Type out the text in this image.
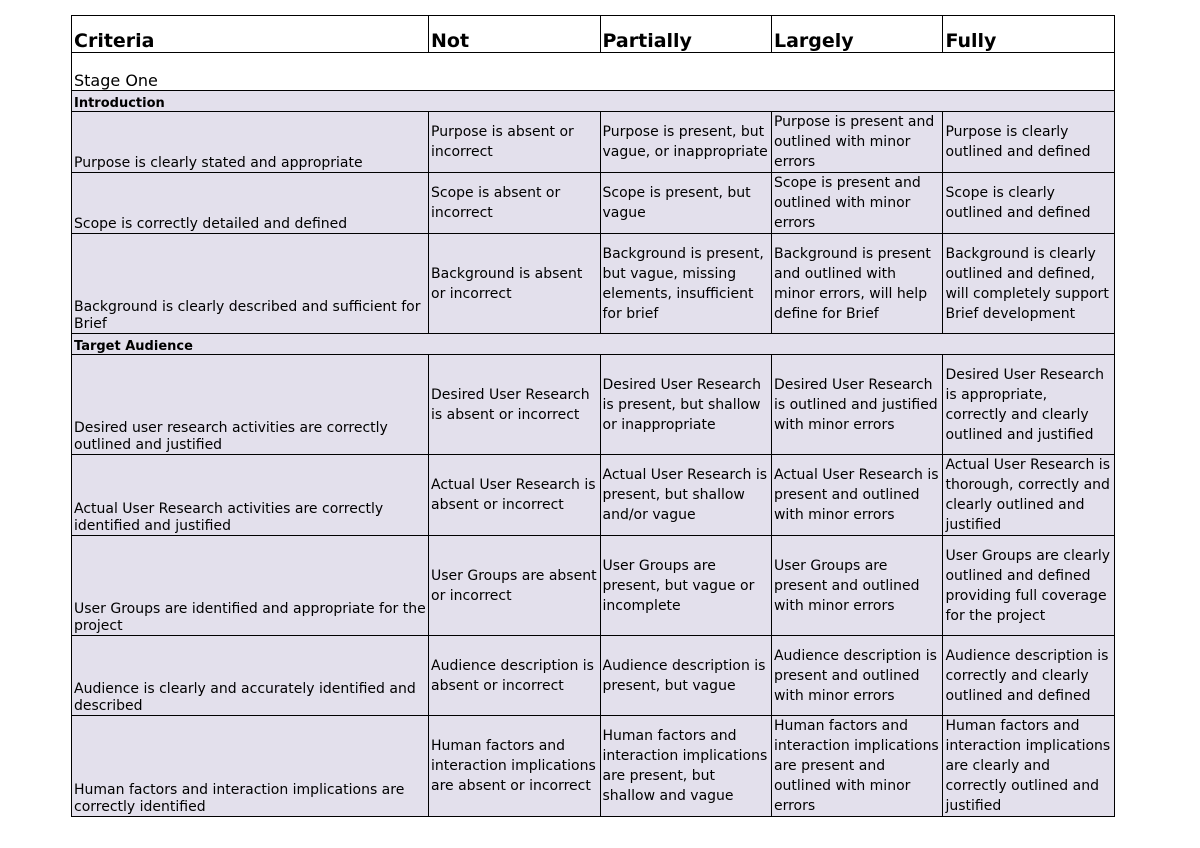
Criteria	Not	Partially	Largely	Fully
Stage One				
Introduction				
Purpose is clearly stated and appropriate	Purpose is absent or incorrect	Purpose is present, but vague, or inappropriate	Purpose is present and outlined with minor errors	Purpose is clearly outlined and defined
Scope is correctly detailed and defined	Scope is absent or incorrect	Scope is present, but vague	Scope is present and outlined with minor errors	Scope is clearly outlined and defined
Background is clearly described and sufficient for Brief	Background is absent or incorrect	Background is present, but vague, missing elements, insufficient for brief	Background is present and outlined with minor errors, will help define for Brief	Background is clearly outlined and defined, will completely support Brief development
Target Audience				
Desired user research activities are correctly outlined and justified	Desired User Research is absent or incorrect	Desired User Research is present, but shallow or inappropriate	Desired User Research is outlined and justified with minor errors	Desired User Research is appropriate, correctly and clearly outlined and justified
Actual User Research activities are correctly identified and justified	Actual User Research is absent or incorrect	Actual User Research is present, but shallow and/or vague	Actual User Research is present and outlined with minor errors	Actual User Research is thorough, correctly and clearly outlined and justified
User Groups are identified and appropriate for the project	User Groups are absent or incorrect	User Groups are present, but vague or incomplete	User Groups are present and outlined with minor errors	User Groups are clearly outlined and defined providing full coverage for the project
Audience is clearly and accurately identified and described	Audience description is absent or incorrect	Audience description is present, but vague	Audience description is present and outlined with minor errors	Audience description is correctly and clearly outlined and defined
Human factors and interaction implications are correctly identified	Human factors and interaction implications are absent or incorrect	Human factors and interaction implications are present, but shallow and vague	Human factors and interaction implications are present and outlined with minor errors	Human factors and interaction implications are clearly and correctly outlined and justified
